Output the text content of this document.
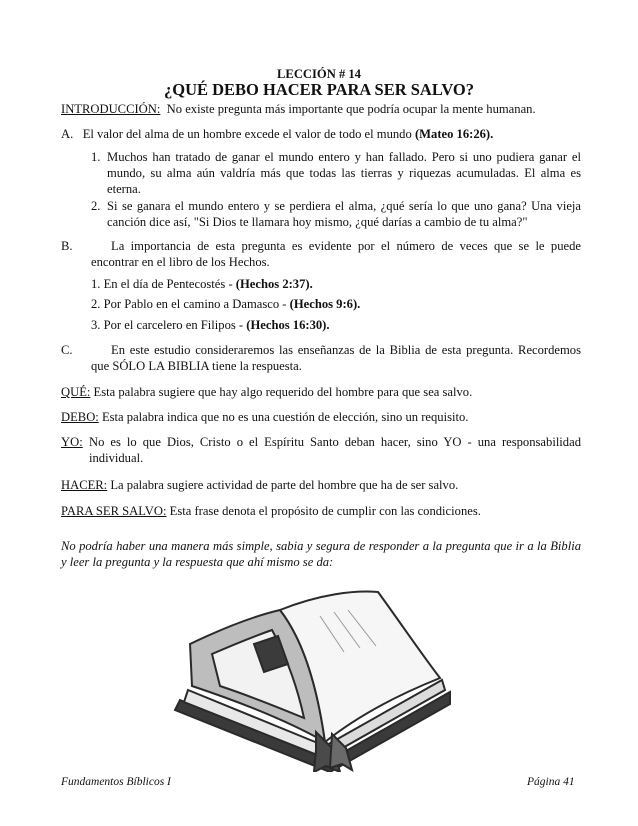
LECCIÓN # 14
¿QUÉ DEBO HACER PARA SER SALVO?
INTRODUCCIÓN: No existe pregunta más importante que podría ocupar la mente humanan.
A. El valor del alma de un hombre excede el valor de todo el mundo (Mateo 16:26).
1. Muchos han tratado de ganar el mundo entero y han fallado. Pero si uno pudiera ganar el mundo, su alma aún valdría más que todas las tierras y riquezas acumuladas. El alma es eterna.
2. Si se ganara el mundo entero y se perdiera el alma, ¿qué sería lo que uno gana? Una vieja canción dice así, "Si Dios te llamara hoy mismo, ¿qué darías a cambio de tu alma?"
B.	La importancia de esta pregunta es evidente por el número de veces que se le puede encontrar en el libro de los Hechos.
1. En el día de Pentecostés - (Hechos 2:37).
2. Por Pablo en el camino a Damasco - (Hechos 9:6).
3. Por el carcelero en Filipos - (Hechos 16:30).
C.	En este estudio consideraremos las enseñanzas de la Biblia de esta pregunta. Recordemos que SÓLO LA BIBLIA tiene la respuesta.
QUÉ: Esta palabra sugiere que hay algo requerido del hombre para que sea salvo.
DEBO: Esta palabra indica que no es una cuestión de elección, sino un requisito.
YO: No es lo que Dios, Cristo o el Espíritu Santo deban hacer, sino YO - una responsabilidad individual.
HACER: La palabra sugiere actividad de parte del hombre que ha de ser salvo.
PARA SER SALVO: Esta frase denota el propósito de cumplir con las condiciones.
No podría haber una manera más simple, sabia y segura de responder a la pregunta que ir a la Biblia y leer la pregunta y la respuesta que ahí mismo se da:
Fundamentos Bíblicos I	Página 41
